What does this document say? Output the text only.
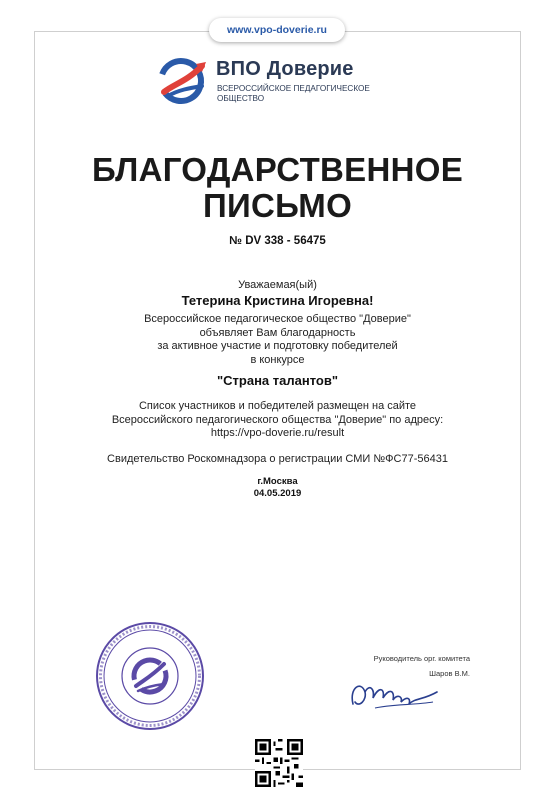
www.vpo-doverie.ru
ВПО Доверие
ВСЕРОССИЙСКОЕ ПЕДАГОГИЧЕСКОЕ ОБЩЕСТВО
БЛАГОДАРСТВЕННОЕ
ПИСЬМО
№ DV 338 - 56475
Уважаемая(ый)
Тетерина Кристина Игоревна!
Всероссийское педагогическое общество "Доверие"
объявляет Вам благодарность
за активное участие и подготовку победителей
в конкурсе
"Страна талантов"
Список участников и победителей размещен на сайте
Всероссийского педагогического общества "Доверие" по адресу:
https://vpo-doverie.ru/result
Свидетельство Роскомнадзора о регистрации СМИ №ФС77-56431
г.Москва
04.05.2019
Руководитель орг. комитета
Шаров В.М.
